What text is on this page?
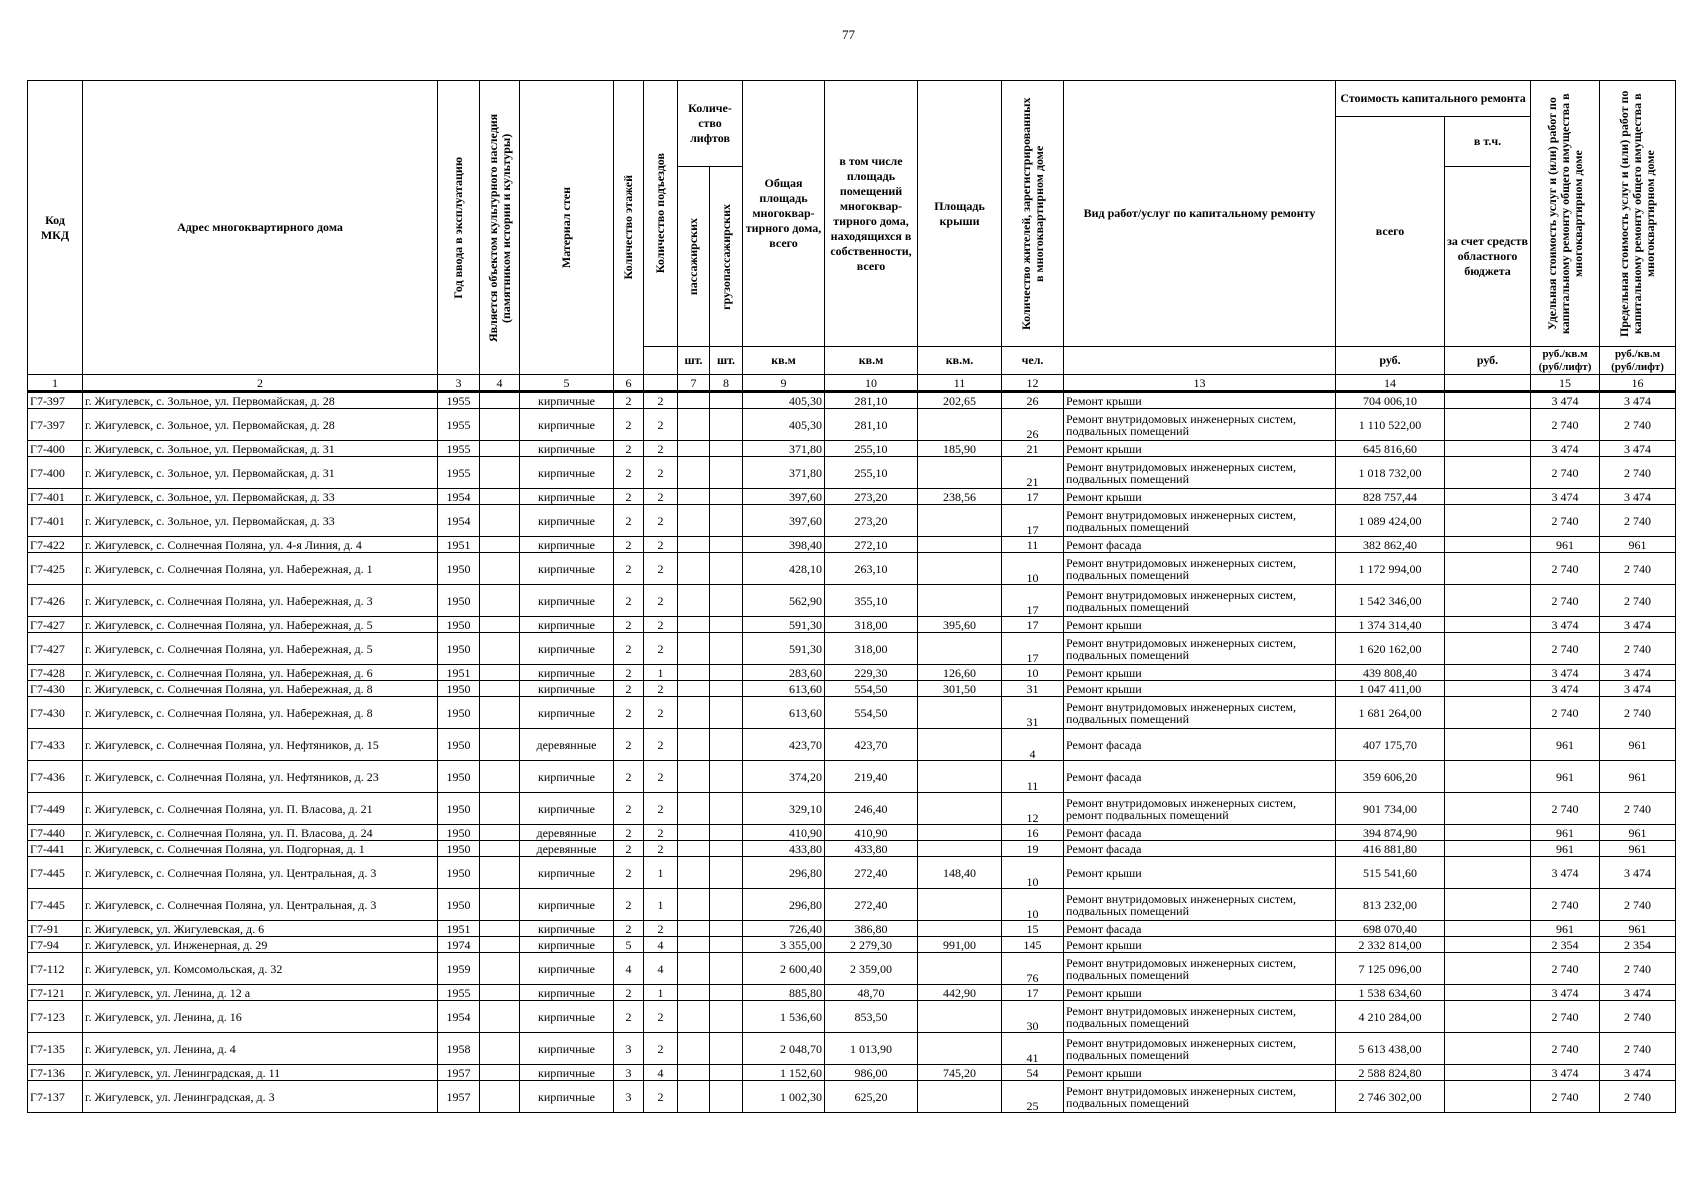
77
Код МКД	Адрес многоквартирного дома	Год ввода в эксплуатацию	Является объектом культурного наследия (памятником истории и культуры)	Материал стен	Количество этажей	Количество подъездов	Количе-ство лифтов		Общая площадь многоквар-тирного дома, всего	в том числе площадь помещений многоквар-тирного дома, находящихся в собственности, всего	Площадь крыши	Количество жителей, зарегистрированных в многоквартирном доме	Вид работ/услуг по капитальному ремонту	Стоимость капитального ремонта		Удельная стоимость услуг и (или) работ по капитальному ремонту общего имущества в многоквартирном доме	Предельная стоимость услуг и (или) работ по капитальному ремонту общего имущества в многоквартирном доме

														всего	в т.ч.		

							пассажирских	грузопассажирских							за счет средств областного бюджета		
							шт.	шт.	кв.м	кв.м	кв.м.	чел.		руб.	руб.	руб./кв.м (руб/лифт)	руб./кв.м (руб/лифт)
1	2	3	4	5	6		7	8	9	10	11	12	13	14		15	16
Г7-397	г. Жигулевск, с. Зольное, ул. Первомайская, д. 28	1955		кирпичные	2	2			405,30	281,10	202,65	26	Ремонт крыши	704 006,10		3 474	3 474
Г7-397	г. Жигулевск, с. Зольное, ул. Первомайская, д. 28	1955		кирпичные	2	2			405,30	281,10		26	Ремонт внутридомовых инженерных систем, подвальных помещений	1 110 522,00		2 740	2 740
Г7-400	г. Жигулевск, с. Зольное, ул. Первомайская, д. 31	1955		кирпичные	2	2			371,80	255,10	185,90	21	Ремонт крыши	645 816,60		3 474	3 474
Г7-400	г. Жигулевск, с. Зольное, ул. Первомайская, д. 31	1955		кирпичные	2	2			371,80	255,10		21	Ремонт внутридомовых инженерных систем, подвальных помещений	1 018 732,00		2 740	2 740
Г7-401	г. Жигулевск, с. Зольное, ул. Первомайская, д. 33	1954		кирпичные	2	2			397,60	273,20	238,56	17	Ремонт крыши	828 757,44		3 474	3 474
Г7-401	г. Жигулевск, с. Зольное, ул. Первомайская, д. 33	1954		кирпичные	2	2			397,60	273,20		17	Ремонт внутридомовых инженерных систем, подвальных помещений	1 089 424,00		2 740	2 740
Г7-422	г. Жигулевск, с. Солнечная Поляна, ул. 4-я Линия, д. 4	1951		кирпичные	2	2			398,40	272,10		11	Ремонт фасада	382 862,40		961	961
Г7-425	г. Жигулевск, с. Солнечная Поляна, ул. Набережная, д. 1	1950		кирпичные	2	2			428,10	263,10		10	Ремонт внутридомовых инженерных систем, подвальных помещений	1 172 994,00		2 740	2 740
Г7-426	г. Жигулевск, с. Солнечная Поляна, ул. Набережная, д. 3	1950		кирпичные	2	2			562,90	355,10		17	Ремонт внутридомовых инженерных систем, подвальных помещений	1 542 346,00		2 740	2 740
Г7-427	г. Жигулевск, с. Солнечная Поляна, ул. Набережная, д. 5	1950		кирпичные	2	2			591,30	318,00	395,60	17	Ремонт крыши	1 374 314,40		3 474	3 474
Г7-427	г. Жигулевск, с. Солнечная Поляна, ул. Набережная, д. 5	1950		кирпичные	2	2			591,30	318,00		17	Ремонт внутридомовых инженерных систем, подвальных помещений	1 620 162,00		2 740	2 740
Г7-428	г. Жигулевск, с. Солнечная Поляна, ул. Набережная, д. 6	1951		кирпичные	2	1			283,60	229,30	126,60	10	Ремонт крыши	439 808,40		3 474	3 474
Г7-430	г. Жигулевск, с. Солнечная Поляна, ул. Набережная, д. 8	1950		кирпичные	2	2			613,60	554,50	301,50	31	Ремонт крыши	1 047 411,00		3 474	3 474
Г7-430	г. Жигулевск, с. Солнечная Поляна, ул. Набережная, д. 8	1950		кирпичные	2	2			613,60	554,50		31	Ремонт внутридомовых инженерных систем, подвальных помещений	1 681 264,00		2 740	2 740
Г7-433	г. Жигулевск, с. Солнечная Поляна, ул. Нефтяников, д. 15	1950		деревянные	2	2			423,70	423,70		4	Ремонт фасада	407 175,70		961	961
Г7-436	г. Жигулевск, с. Солнечная Поляна, ул. Нефтяников, д. 23	1950		кирпичные	2	2			374,20	219,40		11	Ремонт фасада	359 606,20		961	961
Г7-449	г. Жигулевск, с. Солнечная Поляна, ул. П. Власова, д. 21	1950		кирпичные	2	2			329,10	246,40		12	Ремонт внутридомовых инженерных систем, ремонт подвальных помещений	901 734,00		2 740	2 740
Г7-440	г. Жигулевск, с. Солнечная Поляна, ул. П. Власова, д. 24	1950		деревянные	2	2			410,90	410,90		16	Ремонт фасада	394 874,90		961	961
Г7-441	г. Жигулевск, с. Солнечная Поляна, ул. Подгорная, д. 1	1950		деревянные	2	2			433,80	433,80		19	Ремонт фасада	416 881,80		961	961
Г7-445	г. Жигулевск, с. Солнечная Поляна, ул. Центральная, д. 3	1950		кирпичные	2	1			296,80	272,40	148,40	10	Ремонт крыши	515 541,60		3 474	3 474
Г7-445	г. Жигулевск, с. Солнечная Поляна, ул. Центральная, д. 3	1950		кирпичные	2	1			296,80	272,40		10	Ремонт внутридомовых инженерных систем, подвальных помещений	813 232,00		2 740	2 740
Г7-91	г. Жигулевск, ул. Жигулевская, д. 6	1951		кирпичные	2	2			726,40	386,80		15	Ремонт фасада	698 070,40		961	961
Г7-94	г. Жигулевск, ул. Инженерная, д. 29	1974		кирпичные	5	4			3 355,00	2 279,30	991,00	145	Ремонт крыши	2 332 814,00		2 354	2 354
Г7-112	г. Жигулевск, ул. Комсомольская, д. 32	1959		кирпичные	4	4			2 600,40	2 359,00		76	Ремонт внутридомовых инженерных систем, подвальных помещений	7 125 096,00		2 740	2 740
Г7-121	г. Жигулевск, ул. Ленина, д. 12 а	1955		кирпичные	2	1			885,80	48,70	442,90	17	Ремонт крыши	1 538 634,60		3 474	3 474
Г7-123	г. Жигулевск, ул. Ленина, д. 16	1954		кирпичные	2	2			1 536,60	853,50		30	Ремонт внутридомовых инженерных систем, подвальных помещений	4 210 284,00		2 740	2 740
Г7-135	г. Жигулевск, ул. Ленина, д. 4	1958		кирпичные	3	2			2 048,70	1 013,90		41	Ремонт внутридомовых инженерных систем, подвальных помещений	5 613 438,00		2 740	2 740
Г7-136	г. Жигулевск, ул. Ленинградская, д. 11	1957		кирпичные	3	4			1 152,60	986,00	745,20	54	Ремонт крыши	2 588 824,80		3 474	3 474
Г7-137	г. Жигулевск, ул. Ленинградская, д. 3	1957		кирпичные	3	2			1 002,30	625,20		25	Ремонт внутридомовых инженерных систем, подвальных помещений	2 746 302,00		2 740	2 740
